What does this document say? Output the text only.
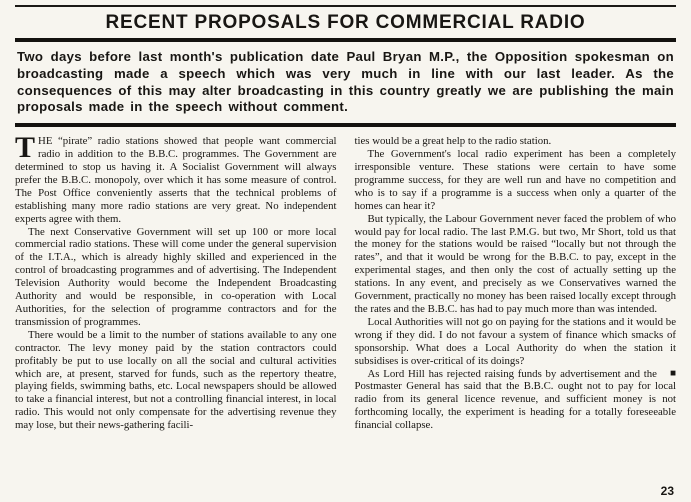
RECENT PROPOSALS FOR COMMERCIAL RADIO

Two days before last month's publication date Paul Bryan M.P., the Opposition spokesman on broadcasting made a speech which was very much in line with our last leader. As the consequences of this may alter broadcasting in this country greatly we are publishing the main proposals made in the speech without comment.

THE “pirate” radio stations showed that people want commercial radio in addition to the B.B.C. programmes. The Government are determined to stop us having it. A Socialist Government will always prefer the B.B.C. monopoly, over which it has some measure of control. The Post Office conveniently asserts that the technical problems of establishing many more radio stations are very great. No independent experts agree with them.

The next Conservative Government will set up 100 or more local commercial radio stations. These will come under the general supervision of the I.T.A., which is already highly skilled and experienced in the control of broadcasting programmes and of advertising. The Independent Television Authority would become the Independent Broadcasting Authority and would be responsible, in co-operation with Local Authorities, for the selection of programme contractors and for the transmission of programmes.

There would be a limit to the number of stations available to any one contractor. The levy money paid by the station contractors could profitably be put to use locally on all the social and cultural activities which are, at present, starved for funds, such as the repertory theatre, playing fields, swimming baths, etc. Local newspapers should be allowed to take a financial interest, but not a controlling financial interest, in local radio. This would not only compensate for the advertising revenue they may lose, but their news-gathering facili-

ties would be a great help to the radio station.

The Government's local radio experiment has been a completely irresponsible venture. These stations were certain to have some programme success, for they are well run and have no competition and who is to say if a programme is a success when only a quarter of the homes can hear it?

But typically, the Labour Government never faced the problem of who would pay for local radio. The last P.M.G. but two, Mr Short, told us that the money for the stations would be raised “locally but not through the rates”, and that it would be wrong for the B.B.C. to pay, except in the experimental stages, and then only the cost of actually setting up the stations. In any event, and precisely as we Conservatives warned the Government, practically no money has been raised locally except through the rates and the B.B.C. has had to pay much more than was intended.

Local Authorities will not go on paying for the stations and it would be wrong if they did. I do not favour a system of finance which smacks of sponsorship. What does a Local Authority do when the station it subsidises is over-critical of its doings?

■
As Lord Hill has rejected raising funds by advertisement and the Postmaster General has said that the B.B.C. ought not to pay for local radio from its general licence revenue, and sufficient money is not forthcoming locally, the experiment is heading for a totally foreseeable financial collapse.

23
